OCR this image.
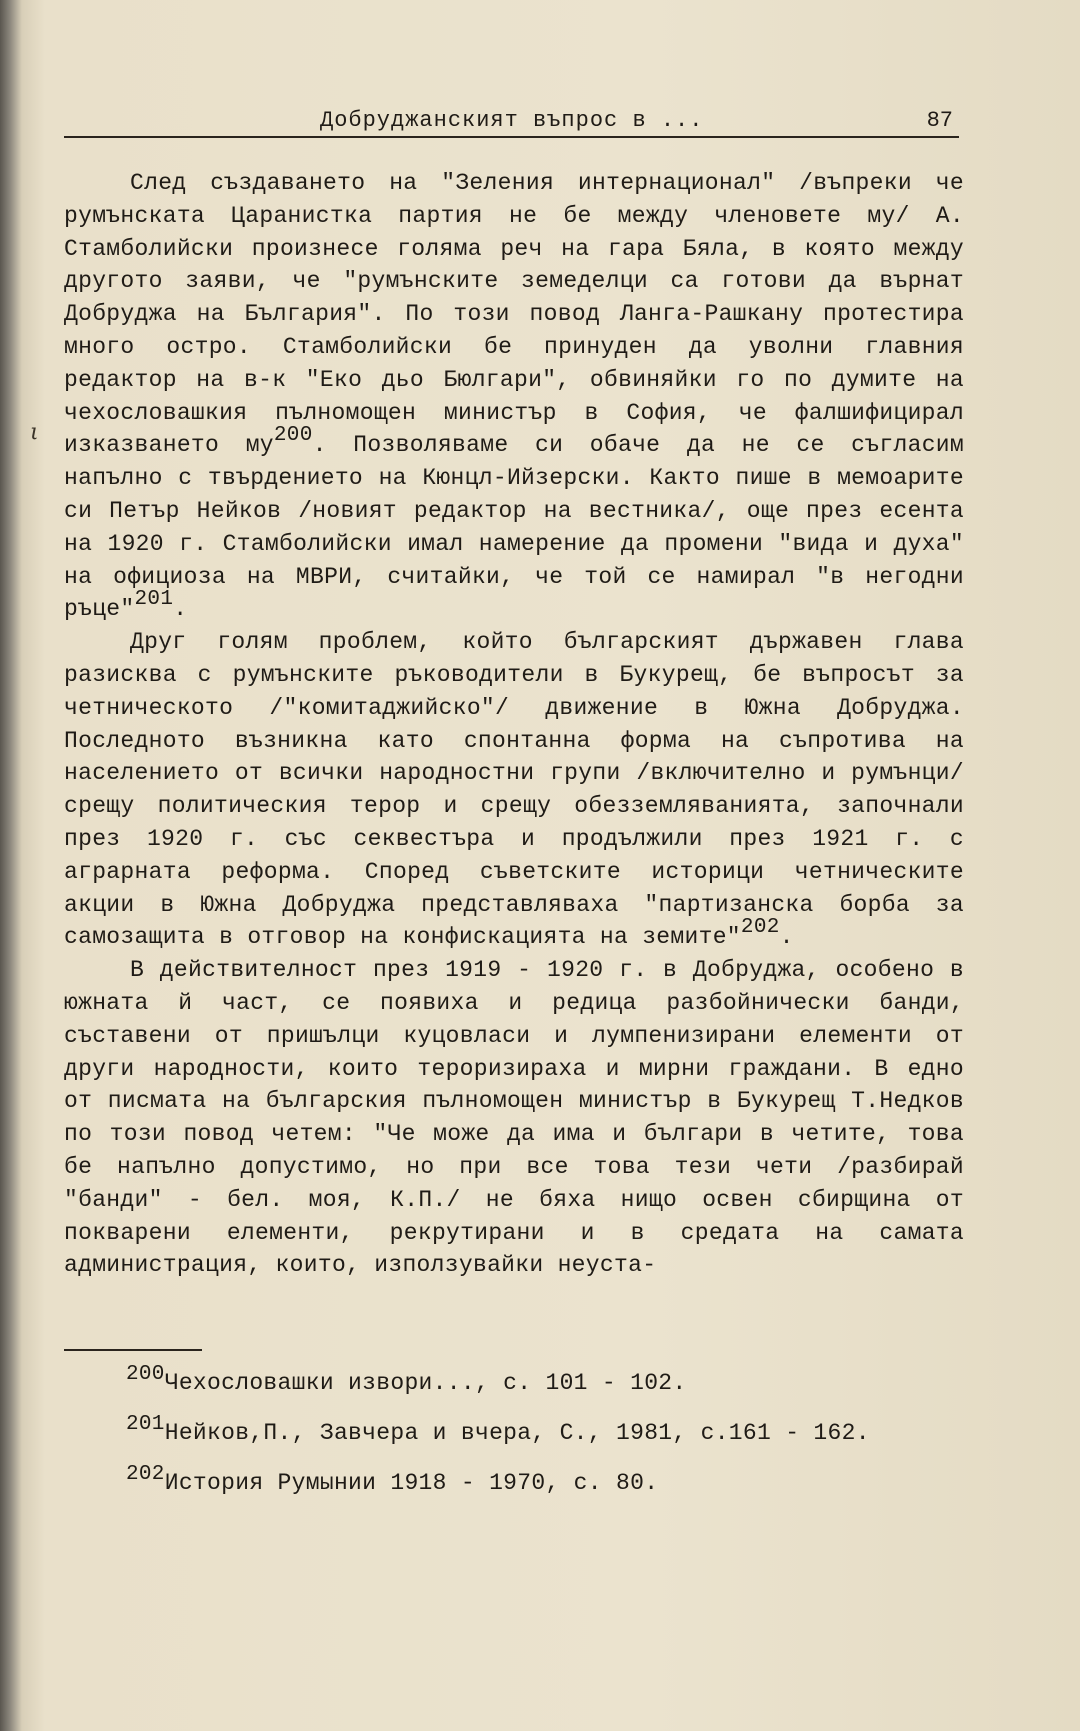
Добруджанският въпрос в ...	87
ι

След създаването на "Зеления интернационал" /въпреки че румънската Царанистка партия не бе между членовете му/ А. Стамболийски произнесе голяма реч на гара Бяла, в която между другото заяви, че "румънските земеделци са готови да върнат Добруджа на България". По този повод Ланга-Рашкану протестира много остро. Стамболийски бе принуден да уволни главния редактор на в-к "Еко дьо Бюлгари", обвиняйки го по думите на чехословашкия пълномощен министър в София, че фалшифицирал изказването му$^{200}$. Позволяваме си обаче да не се съгласим напълно с твърдението на Кюнцл-Ийзерски. Както пише в мемоарите си Петър Нейков /новият редактор на вестника/, още през есента на 1920 г. Стамболийски имал намерение да промени "вида и духа" на официоза на МВРИ, считайки, че той се намирал "в негодни ръце"$^{201}$.

Друг голям проблем, който българският държавен глава разисква с румънските ръководители в Букурещ, бе въпросът за четническото /"комитаджийско"/ движение в Южна Добруджа. Последното възникна като спонтанна форма на съпротива на населението от всички народностни групи /включително и румънци/ срещу политическия терор и срещу обезземляванията, започнали през 1920 г. със секвестъра и продължили през 1921 г. с аграрната реформа. Според съветските историци четническите акции в Южна Добруджа представляваха "партизанска борба за самозащита в отговор на конфискацията на земите"$^{202}$.

В действителност през 1919 - 1920 г. в Добруджа, особено в южната й част, се появиха и редица разбойнически банди, съставени от пришълци куцовласи и лумпенизирани елементи от други народности, които тероризираха и мирни граждани. В едно от писмата на българския пълномощен министър в Букурещ Т.Недков по този повод четем: "Че може да има и българи в четите, това бе напълно допустимо, но при все това тези чети /разбирай "банди" - бел. моя, К.П./ не бяха нищо освен сбирщина от покварени елементи, рекрутирани и в средата на самата администрация, които, използувайки неуста-

$^{200}$Чехословашки извори..., с. 101 - 102.
$^{201}$Нейков,П., Завчера и вчера, С., 1981, с.161 - 162.
$^{202}$История Румынии 1918 - 1970, с. 80.
